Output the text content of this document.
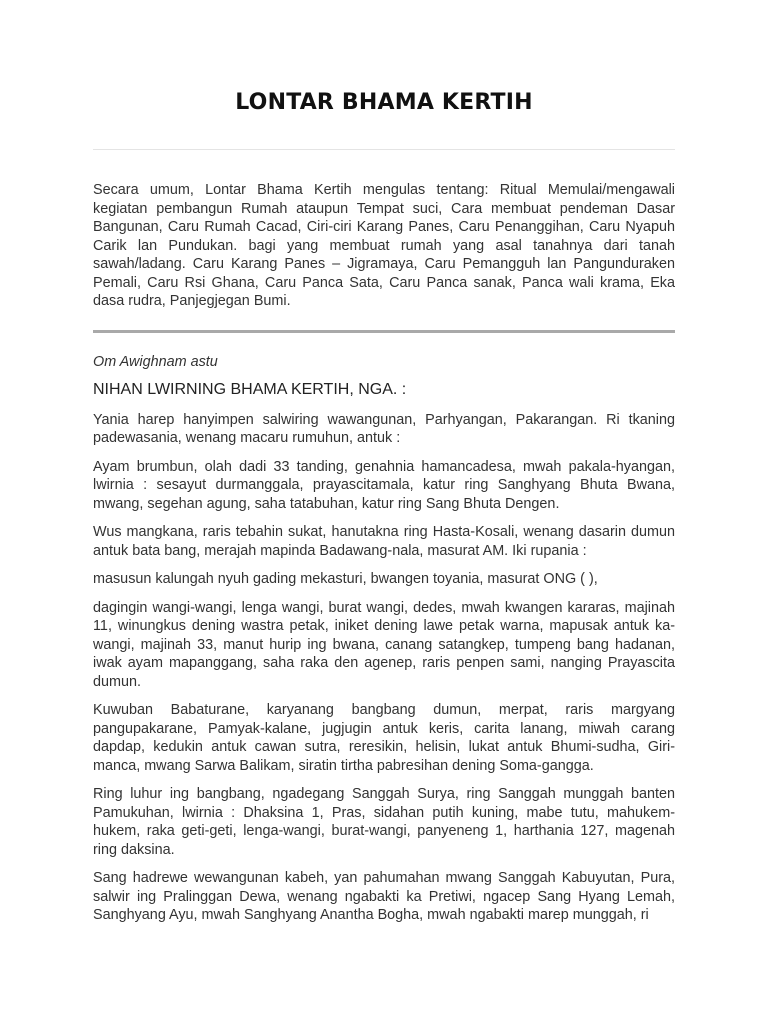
LONTAR BHAMA KERTIH

Secara umum, Lontar Bhama Kertih mengulas tentang: Ritual Memulai/mengawali kegiatan pembangun Rumah ataupun Tempat suci, Cara membuat pendeman Dasar Bangunan, Caru Rumah Cacad, Ciri-ciri Karang Panes, Caru Penanggihan, Caru Nyapuh Carik lan Pundukan. bagi yang membuat rumah yang asal tanahnya dari tanah sawah/ladang. Caru Karang Panes – Jigramaya, Caru Pemangguh lan Pangunduraken Pemali, Caru Rsi Ghana, Caru Panca Sata, Caru Panca sanak, Panca wali krama, Eka dasa rudra, Panjegjegan Bumi.

Om Awighnam astu

NIHAN LWIRNING BHAMA KERTIH, NGA. :

Yania harep hanyimpen salwiring wawangunan, Parhyangan, Pakarangan. Ri tkaning padewasania, wenang macaru rumuhun, antuk :

Ayam brumbun, olah dadi 33 tanding, genahnia hamancadesa, mwah pakala-hyangan, lwirnia : sesayut durmanggala, prayascitamala, katur ring Sanghyang Bhuta Bwana, mwang, segehan agung, saha tatabuhan, katur ring Sang Bhuta Dengen.

Wus mangkana, raris tebahin sukat, hanutakna ring Hasta-Kosali, wenang dasarin dumun antuk bata bang, merajah mapinda Badawang-nala, masurat AM. Iki rupania :

masusun kalungah nyuh gading mekasturi, bwangen toyania, masurat ONG ( ),

dagingin wangi-wangi, lenga wangi, burat wangi, dedes, mwah kwangen kararas, majinah 11, winungkus dening wastra petak, iniket dening lawe petak warna, mapusak antuk ka-wangi, majinah 33, manut hurip ing bwana, canang satangkep, tumpeng bang hadanan, iwak ayam mapanggang, saha raka den agenep, raris penpen sami, nanging Prayascita dumun.

Kuwuban Babaturane, karyanang bangbang dumun, merpat, raris margyang pangupakarane, Pamyak-kalane, jugjugin antuk keris, carita lanang, miwah carang dapdap, kedukin antuk cawan sutra, reresikin, helisin, lukat antuk Bhumi-sudha, Giri-manca, mwang Sarwa Balikam, siratin tirtha pabresihan dening Soma-gangga.

Ring luhur ing bangbang, ngadegang Sanggah Surya, ring Sanggah munggah banten Pamukuhan, lwirnia : Dhaksina 1, Pras, sidahan putih kuning, mabe tutu, mahukem-hukem, raka geti-geti, lenga-wangi, burat-wangi, panyeneng 1, harthania 127, magenah ring daksina.

Sang hadrewe wewangunan kabeh, yan pahumahan mwang Sanggah Kabuyutan, Pura, salwir ing Pralinggan Dewa, wenang ngabakti ka Pretiwi, ngacep Sang Hyang Lemah, Sanghyang Ayu, mwah Sanghyang Anantha Bogha, mwah ngabakti marep munggah, ri
